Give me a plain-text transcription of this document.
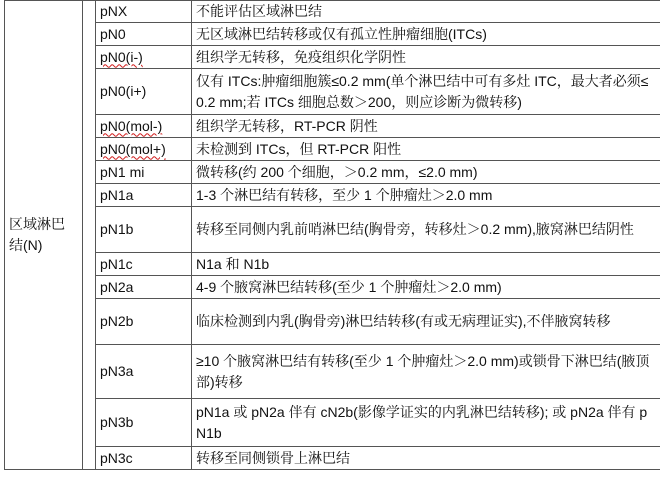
区域淋巴结(N)		pNX	不能评估区域淋巴结
		pN0	无区域淋巴结转移或仅有孤立性肿瘤细胞(ITCs)
		pN0(i-)	组织学无转移，免疫组织化学阴性
		pN0(i+)	仅有 ITCs:肿瘤细胞簇≤0.2 mm(单个淋巴结中可有多灶 ITC，最大者必须≤0.2 mm;若 ITCs 细胞总数＞200，则应诊断为微转移)
		pN0(mol-)	组织学无转移，RT-PCR 阴性
		pN0(mol+)	未检测到 ITCs，但 RT-PCR 阳性
		pN1 mi	微转移(约 200 个细胞，＞0.2 mm，≤2.0 mm)
		pN1a	1-3 个淋巴结有转移，至少 1 个肿瘤灶＞2.0 mm
		pN1b	转移至同侧内乳前哨淋巴结(胸骨旁，转移灶＞0.2 mm),腋窝淋巴结阴性
		pN1c	N1a 和 N1b
		pN2a	4-9 个腋窝淋巴结转移(至少 1 个肿瘤灶＞2.0 mm)
		pN2b	临床检测到内乳(胸骨旁)淋巴结转移(有或无病理证实),不伴腋窝转移
		pN3a	≥10 个腋窝淋巴结有转移(至少 1 个肿瘤灶＞2.0 mm)或锁骨下淋巴结(腋顶部)转移
		pN3b	pN1a 或 pN2a 伴有 cN2b(影像学证实的内乳淋巴结转移); 或 pN2a 伴有 pN1b
		pN3c	转移至同侧锁骨上淋巴结
